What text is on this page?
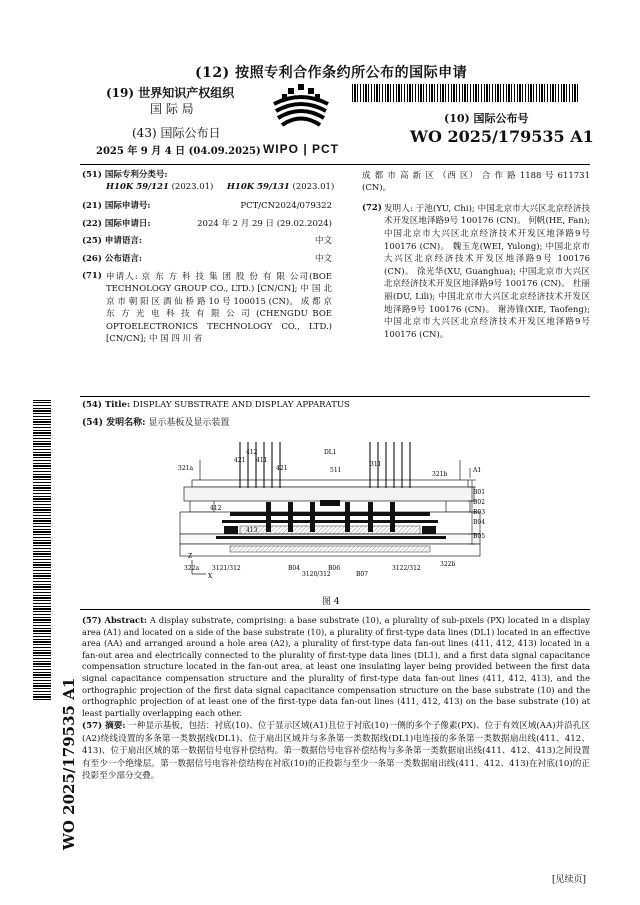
(12) 按照专利合作条约所公布的国际申请
(19) 世界知识产权组织
国 际 局
(43) 国际公布日
2025 年 9 月 4 日 (04.09.2025) WIPO | PCT
(10) 国际公布号
WO 2025/179535 A1
WO 2025/179535 A1
(51) 国际专利分类号:
H10K 59/121 (2023.01) H10K 59/131 (2023.01)
(21) 国际申请号:	PCT/CN2024/079322
(22) 国际申请日:	2024 年 2 月 29 日 (29.02.2024)
(25) 申请语言:	中文
(26) 公布语言:	中文
(71) 申请人: 京 东 方 科 技 集 团 股 份 有 限 公司(BOE TECHNOLOGY GROUP CO., LTD.) [CN/CN]; 中 国 北 京 市 朝 阳 区 酒 仙 桥 路 10 号 100015 (CN)。 成 都 京 东 方 光 电 科 技 有 限 公 司 (CHENGDU BOE OPTOELECTRONICS TECHNOLOGY CO., LTD.) [CN/CN]; 中 国 四 川 省
成 都 市 高 新 区 （西 区） 合 作 路 1188 号 611731 (CN)。
(72) 发明人: 于池(YU, Chi); 中国北京市大兴区北京经济技术开发区地泽路9号 100176 (CN)。 何帆(HE, Fan); 中国北京市大兴区北京经济技术开发区地泽路9号 100176 (CN)。 魏玉龙(WEI, Yulong); 中国北京市大兴区北京经济技术开发区地泽路9号 100176 (CN)。 徐光华(XU, Guanghua); 中国北京市大兴区北京经济技术开发区地泽路9号 100176 (CN)。 杜丽丽(DU, Lili); 中国北京市大兴区北京经济技术开发区地泽路9号 100176 (CN)。 谢涛锋(XIE, Taofeng); 中国北京市大兴区北京经济技术开发区地泽路9号 100176 (CN)。
(54) Title: DISPLAY SUBSTRATE AND DISPLAY APPARATUS
(54) 发明名称: 显示基板及显示装置
412
411
421
421
DL1
511
311
321a
321b
A1
B01
B02
B03
B04
B05
412
413
322a 3121/312	B04
3120/312
B06
B07
3122/312
322b
X
Z
图 4
(57) Abstract: A display substrate, comprising: a base substrate (10), a plurality of sub-pixels (PX) located in a display area (A1) and located on a side of the base substrate (10), a plurality of first-type data lines (DL1) located in an effective area (AA) and arranged around a hole area (A2), a plurality of first-type data fan-out lines (411, 412, 413) located in a fan-out area and electrically connected to the plurality of first-type data lines (DL1), and a first data signal capacitance compensation structure located in the fan-out area, at least one insulating layer being provided between the first data signal capacitance compensation structure and the plurality of first-type data fan-out lines (411, 412, 413), and the orthographic projection of the first data signal capacitance compensation structure on the base substrate (10) and the orthographic projection of at least one of the first-type data fan-out lines (411, 412, 413) on the base substrate (10) at least partially overlapping each other.
(57) 摘要: 一种显示基板，包括：衬底(10)、位于显示区域(A1)且位于衬底(10)一侧的多个子像素(PX)、位于有效区域(AA)并沿孔区(A2)绕线设置的多条第一类数据线(DL1)、位于扇出区域并与多条第一类数据线(DL1)电连接的多条第一类数据扇出线(411、412、413)、位于扇出区域的第一数据信号电容补偿结构。第一数据信号电容补偿结构与多条第一类数据扇出线(411、412、413)之间设置有至少一个绝缘层。第一数据信号电容补偿结构在衬底(10)的正投影与至少一条第一类数据扇出线(411、412、413)在衬底(10)的正投影至少部分交叠。
[见续页]
